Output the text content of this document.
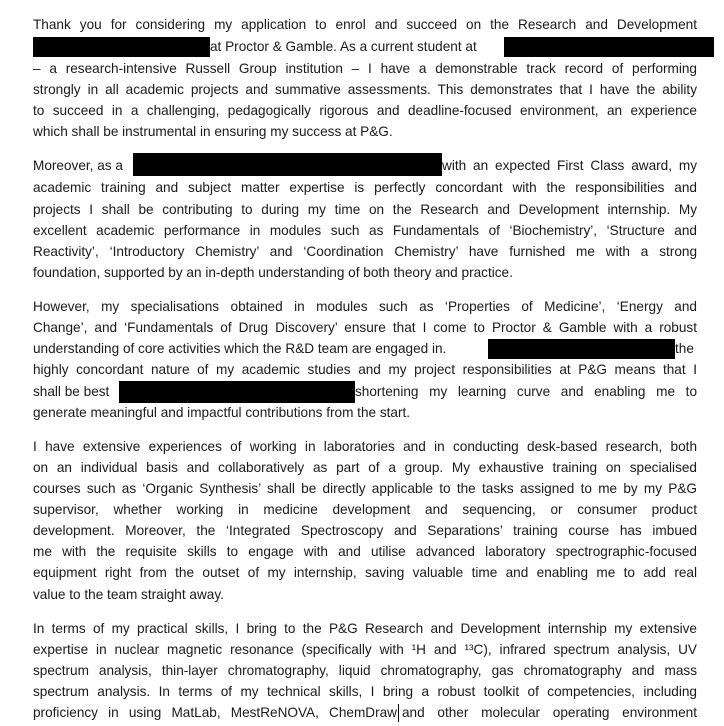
Thank you for considering my application to enrol and succeed on the Research and Development
at Proctor & Gamble. As a current student at
– a research-intensive Russell Group institution – I have a demonstrable track record of performing
strongly in all academic projects and summative assessments. This demonstrates that I have the ability
to succeed in a challenging, pedagogically rigorous and deadline-focused environment, an experience
which shall be instrumental in ensuring my success at P&G.
Moreover, as a	with an expected First Class award, my
academic training and subject matter expertise is perfectly concordant with the responsibilities and
projects I shall be contributing to during my time on the Research and Development internship. My
excellent academic performance in modules such as Fundamentals of ‘Biochemistry’, ‘Structure and
Reactivity’, ‘Introductory Chemistry’ and ‘Coordination Chemistry’ have furnished me with a strong
foundation, supported by an in-depth understanding of both theory and practice.
However, my specialisations obtained in modules such as ‘Properties of Medicine’, ‘Energy and
Change’, and ‘Fundamentals of Drug Discovery’ ensure that I come to Proctor & Gamble with a robust
understanding of core activities which the R&D team are engaged in.	the
highly concordant nature of my academic studies and my project responsibilities at P&G means that I
shall be best	shortening my learning curve and enabling me to
generate meaningful and impactful contributions from the start.
I have extensive experiences of working in laboratories and in conducting desk-based research, both
on an individual basis and collaboratively as part of a group. My exhaustive training on specialised
courses such as ‘Organic Synthesis’ shall be directly applicable to the tasks assigned to me by my P&G
supervisor, whether working in medicine development and sequencing, or consumer product
development. Moreover, the ‘Integrated Spectroscopy and Separations’ training course has imbued
me with the requisite skills to engage with and utilise advanced laboratory spectrographic-focused
equipment right from the outset of my internship, saving valuable time and enabling me to add real
value to the team straight away.
In terms of my practical skills, I bring to the P&G Research and Development internship my extensive
expertise in nuclear magnetic resonance (specifically with ¹H and ¹³C), infrared spectrum analysis, UV
spectrum analysis, thin-layer chromatography, liquid chromatography, gas chromatography and mass
spectrum analysis. In terms of my technical skills, I bring a robust toolkit of competencies, including
proficiency in using MatLab, MestReNOVA, ChemDraw and other molecular operating environment
